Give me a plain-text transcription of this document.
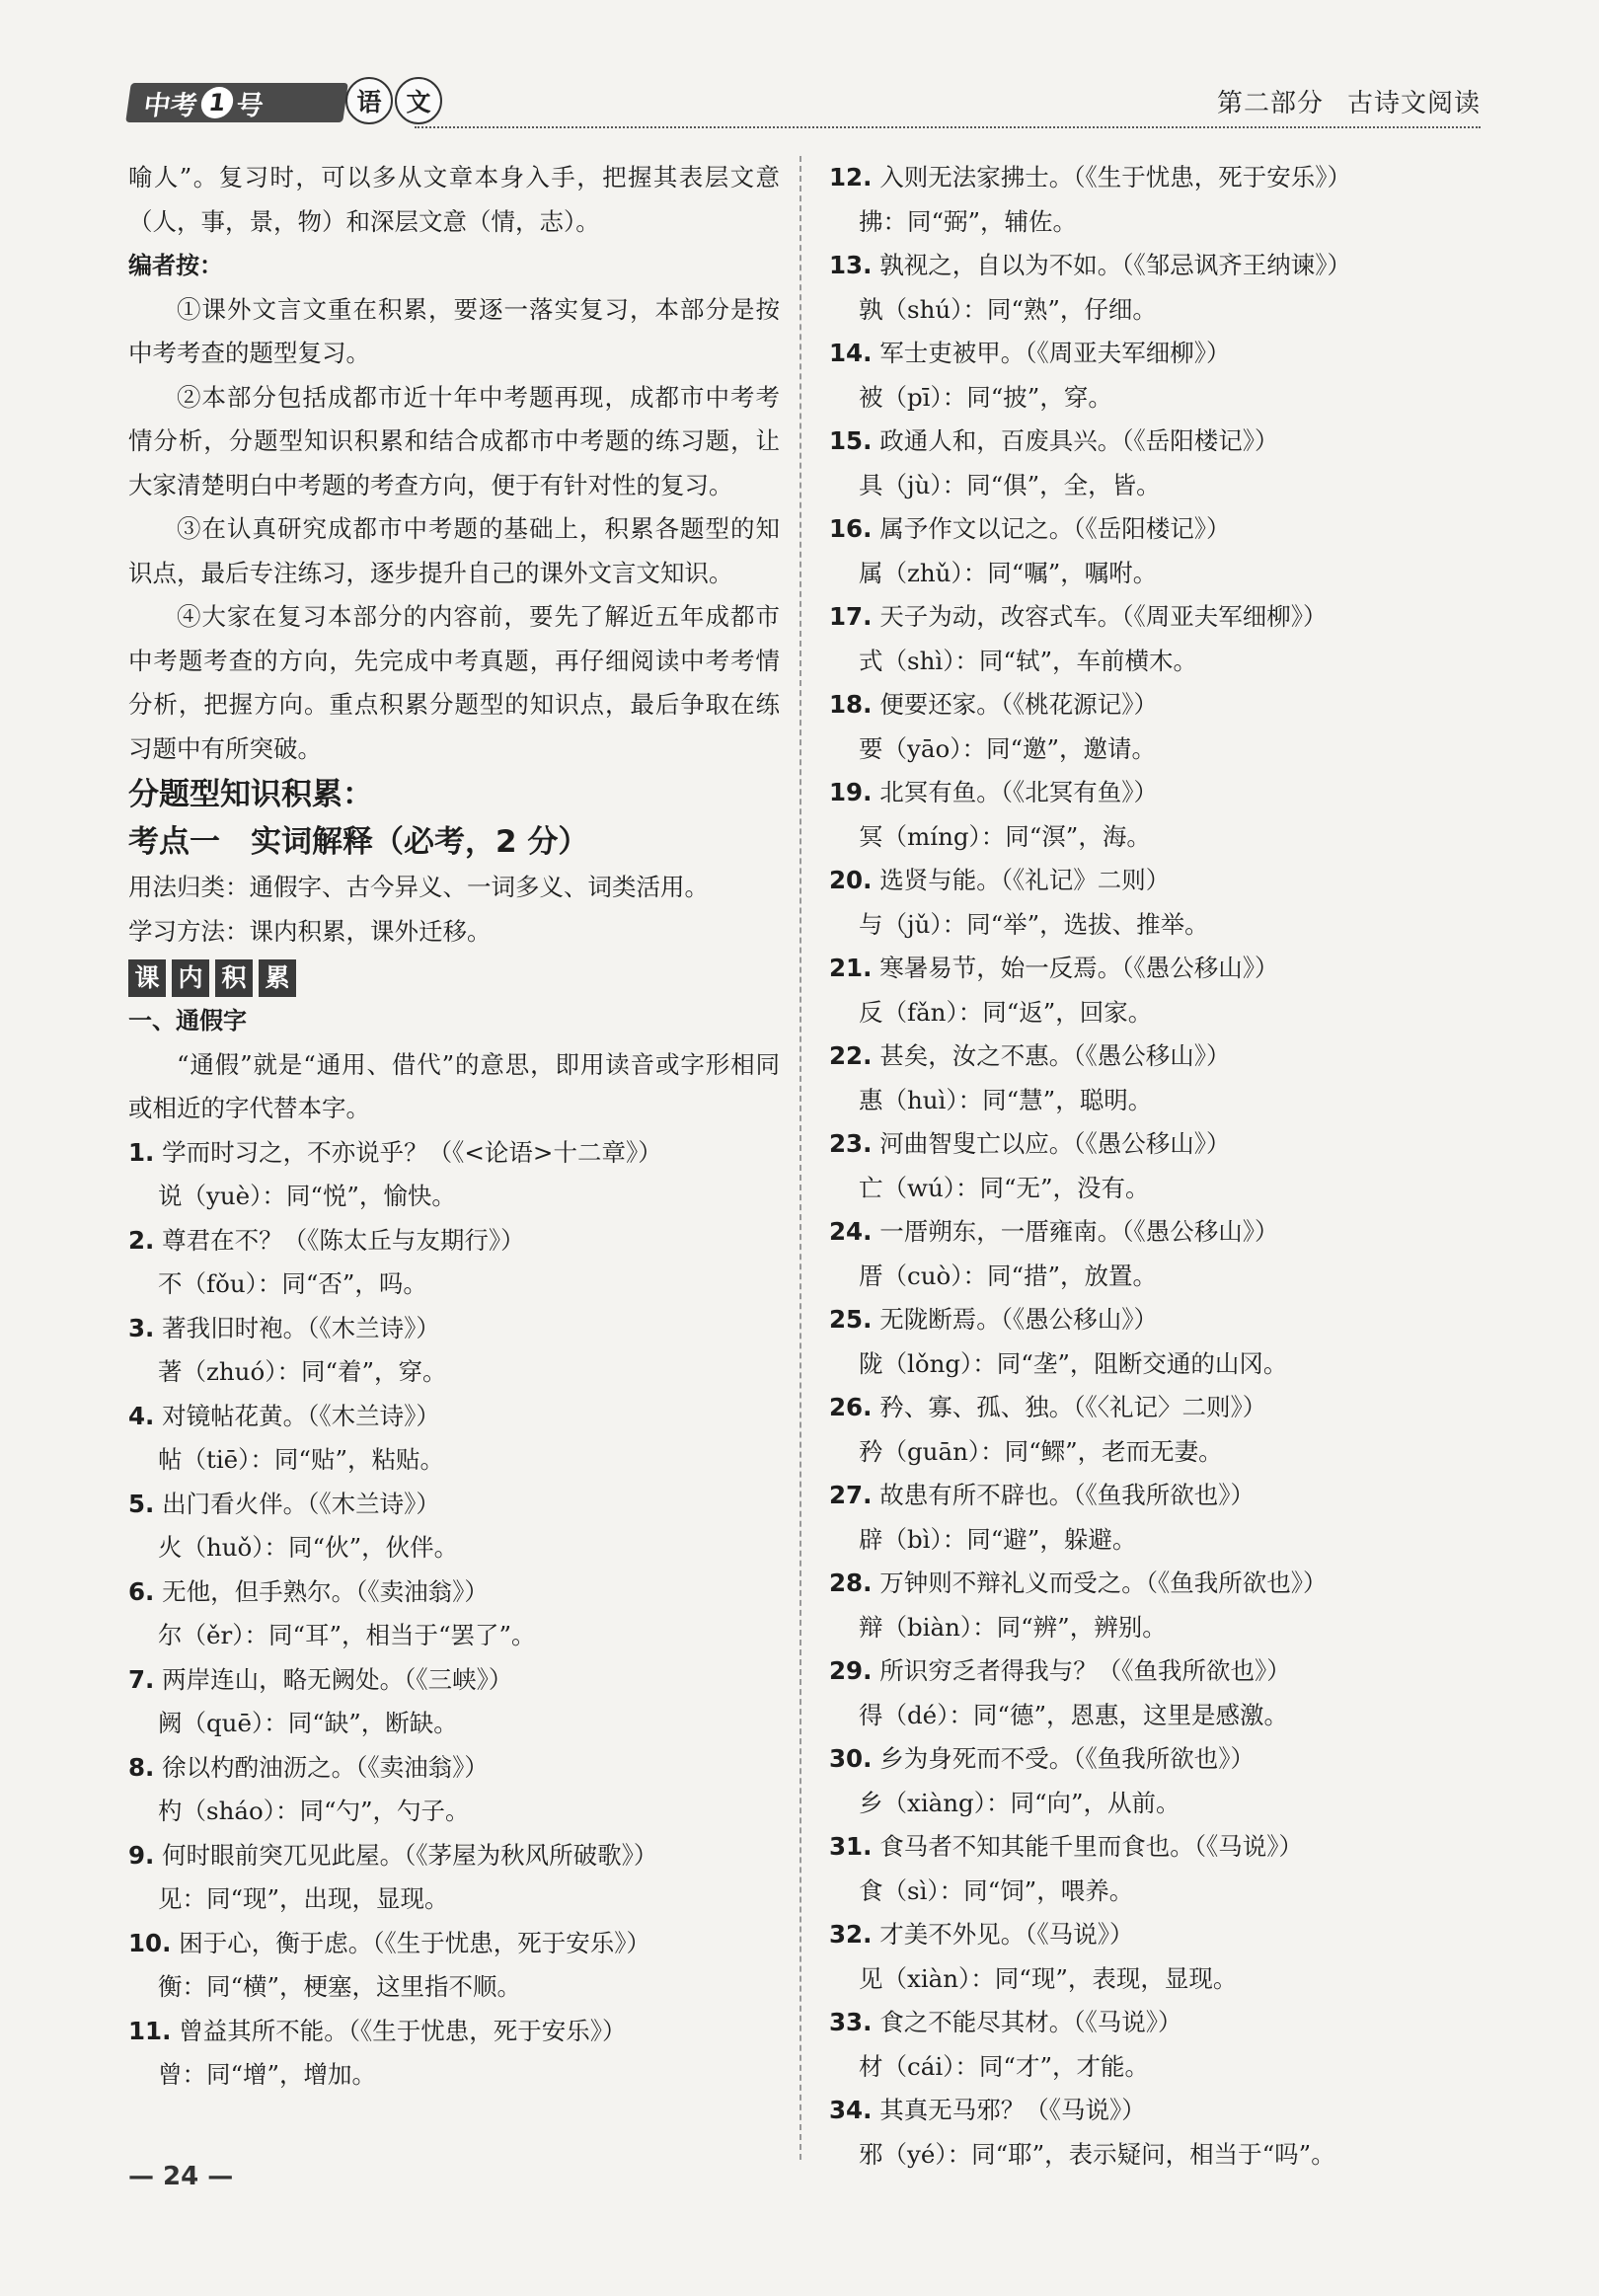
中考 1 号	语 文	第二部分 古诗文阅读

喻人”。复习时，可以多从文章本身入手，把握其表层文意（人，事，景，物）和深层文意（情，志）。

编者按：

①课外文言文重在积累，要逐一落实复习，本部分是按中考考查的题型复习。

②本部分包括成都市近十年中考题再现，成都市中考考情分析，分题型知识积累和结合成都市中考题的练习题，让大家清楚明白中考题的考查方向，便于有针对性的复习。

③在认真研究成都市中考题的基础上，积累各题型的知识点，最后专注练习，逐步提升自己的课外文言文知识。

④大家在复习本部分的内容前，要先了解近五年成都市中考题考查的方向，先完成中考真题，再仔细阅读中考考情分析，把握方向。重点积累分题型的知识点，最后争取在练习题中有所突破。

分题型知识积累：

考点一　实词解释（必考，2 分）

用法归类：通假字、古今异义、一词多义、词类活用。

学习方法：课内积累，课外迁移。

课 内 积 累

一、通假字

“通假”就是“通用、借代”的意思，即用读音或字形相同或相近的字代替本字。

1. 学而时习之，不亦说乎？（《<论语>十二章》）

说（yuè）：同“悦”，愉快。

2. 尊君在不？（《陈太丘与友期行》）

不（fǒu）：同“否”，吗。

3. 著我旧时袍。（《木兰诗》）

著（zhuó）：同“着”，穿。

4. 对镜帖花黄。（《木兰诗》）

帖（tiē）：同“贴”，粘贴。

5. 出门看火伴。（《木兰诗》）

火（huǒ）：同“伙”，伙伴。

6. 无他，但手熟尔。（《卖油翁》）

尔（ěr）：同“耳”，相当于“罢了”。

7. 两岸连山，略无阙处。（《三峡》）

阙（quē）：同“缺”，断缺。

8. 徐以杓酌油沥之。（《卖油翁》）

杓（sháo）：同“勺”，勺子。

9. 何时眼前突兀见此屋。（《茅屋为秋风所破歌》）

见：同“现”，出现，显现。

10. 困于心，衡于虑。（《生于忧患，死于安乐》）

衡：同“横”，梗塞，这里指不顺。

11. 曾益其所不能。（《生于忧患，死于安乐》）

曾：同“增”，增加。

12. 入则无法家拂士。（《生于忧患，死于安乐》）

拂：同“弼”，辅佐。

13. 孰视之，自以为不如。（《邹忌讽齐王纳谏》）

孰（shú）：同“熟”，仔细。

14. 军士吏被甲。（《周亚夫军细柳》）

被（pī）：同“披”，穿。

15. 政通人和，百废具兴。（《岳阳楼记》）

具（jù）：同“俱”，全，皆。

16. 属予作文以记之。（《岳阳楼记》）

属（zhǔ）：同“嘱”，嘱咐。

17. 天子为动，改容式车。（《周亚夫军细柳》）

式（shì）：同“轼”，车前横木。

18. 便要还家。（《桃花源记》）

要（yāo）：同“邀”，邀请。

19. 北冥有鱼。（《北冥有鱼》）

冥（míng）：同“溟”，海。

20. 选贤与能。（《礼记》二则）

与（jǔ）：同“举”，选拔、推举。

21. 寒暑易节，始一反焉。（《愚公移山》）

反（fǎn）：同“返”，回家。

22. 甚矣，汝之不惠。（《愚公移山》）

惠（huì）：同“慧”，聪明。

23. 河曲智叟亡以应。（《愚公移山》）

亡（wú）：同“无”，没有。

24. 一厝朔东，一厝雍南。（《愚公移山》）

厝（cuò）：同“措”，放置。

25. 无陇断焉。（《愚公移山》）

陇（lǒng）：同“垄”，阻断交通的山冈。

26. 矜、寡、孤、独。（《〈礼记〉二则》）

矜（guān）：同“鳏”，老而无妻。

27. 故患有所不辟也。（《鱼我所欲也》）

辟（bì）：同“避”，躲避。

28. 万钟则不辩礼义而受之。（《鱼我所欲也》）

辩（biàn）：同“辨”，辨别。

29. 所识穷乏者得我与？（《鱼我所欲也》）

得（dé）：同“德”，恩惠，这里是感激。

30. 乡为身死而不受。（《鱼我所欲也》）

乡（xiàng）：同“向”，从前。

31. 食马者不知其能千里而食也。（《马说》）

食（sì）：同“饲”，喂养。

32. 才美不外见。（《马说》）

见（xiàn）：同“现”，表现，显现。

33. 食之不能尽其材。（《马说》）

材（cái）：同“才”，才能。

34. 其真无马邪？（《马说》）

邪（yé）：同“耶”，表示疑问，相当于“吗”。

— 24 —
